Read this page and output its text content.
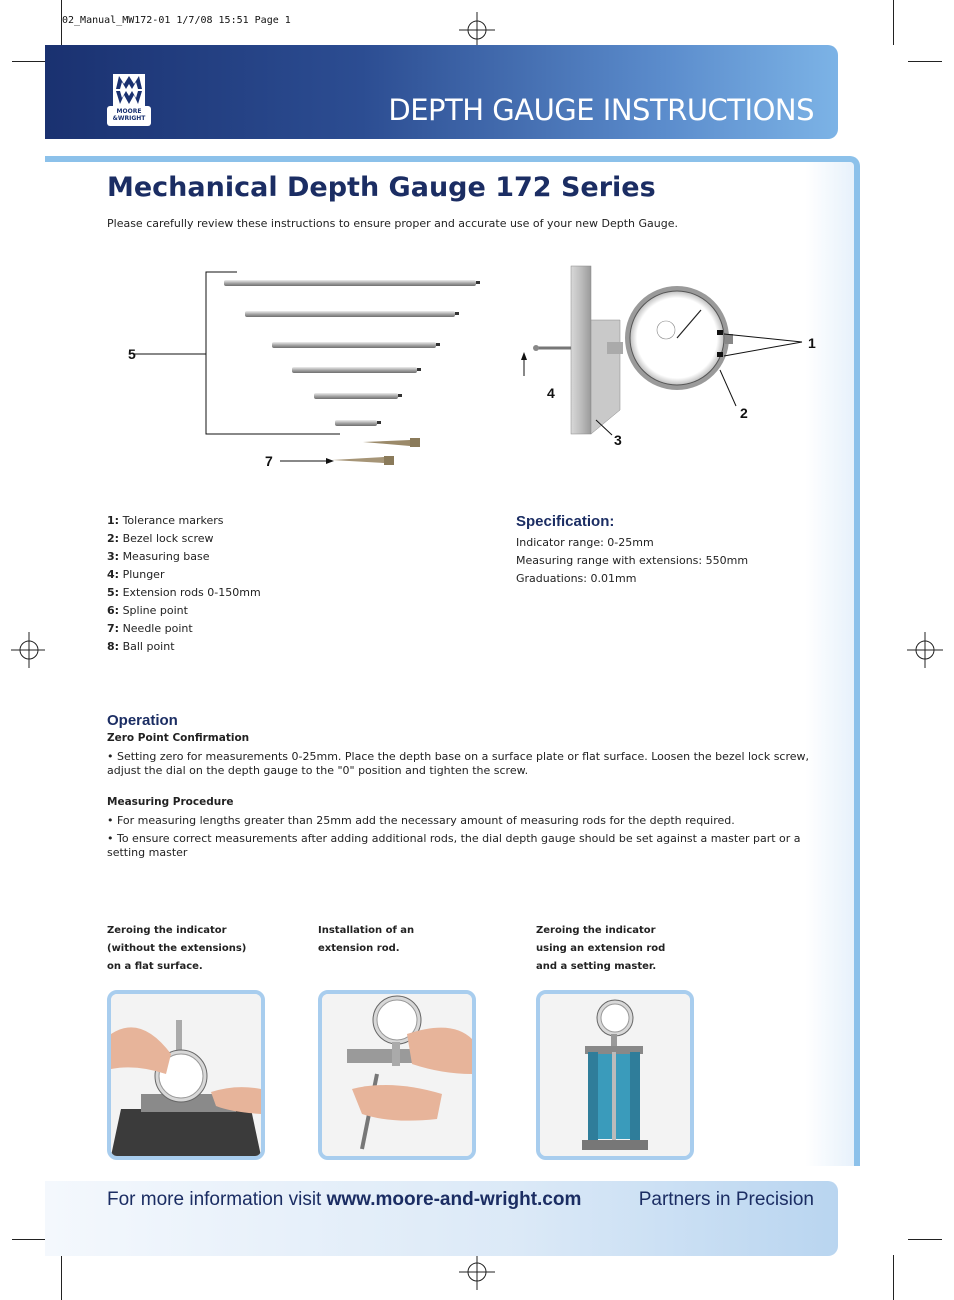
02_Manual_MW172-01 1/7/08 15:51 Page 1
MOORE
&WRIGHT	DEPTH GAUGE INSTRUCTIONS
Mechanical Depth Gauge 172 Series
Please carefully review these instructions to ensure proper and accurate use of your new Depth Gauge.
5
7
1
2
3
4
1: Tolerance markers
2: Bezel lock screw
3: Measuring base
4: Plunger
5: Extension rods 0-150mm
6: Spline point
7: Needle point
8: Ball point
Specification:
Indicator range: 0-25mm
Measuring range with extensions: 550mm
Graduations: 0.01mm
Operation
Zero Point Confirmation

• Setting zero for measurements 0-25mm. Place the depth base on a surface plate or flat surface. Loosen the bezel lock screw, adjust the dial on the depth gauge to the "0" position and tighten the screw.

Measuring Procedure

• For measuring lengths greater than 25mm add the necessary amount of measuring rods for the depth required.

• To ensure correct measurements after adding additional rods, the dial depth gauge should be set against a master part or a setting master

Zeroing the indicator
(without the extensions)
on a flat surface.
Installation of an
extension rod.
Zeroing the indicator
using an extension rod
and a setting master.
For more information visit www.moore-and-wright.com	Partners in Precision
